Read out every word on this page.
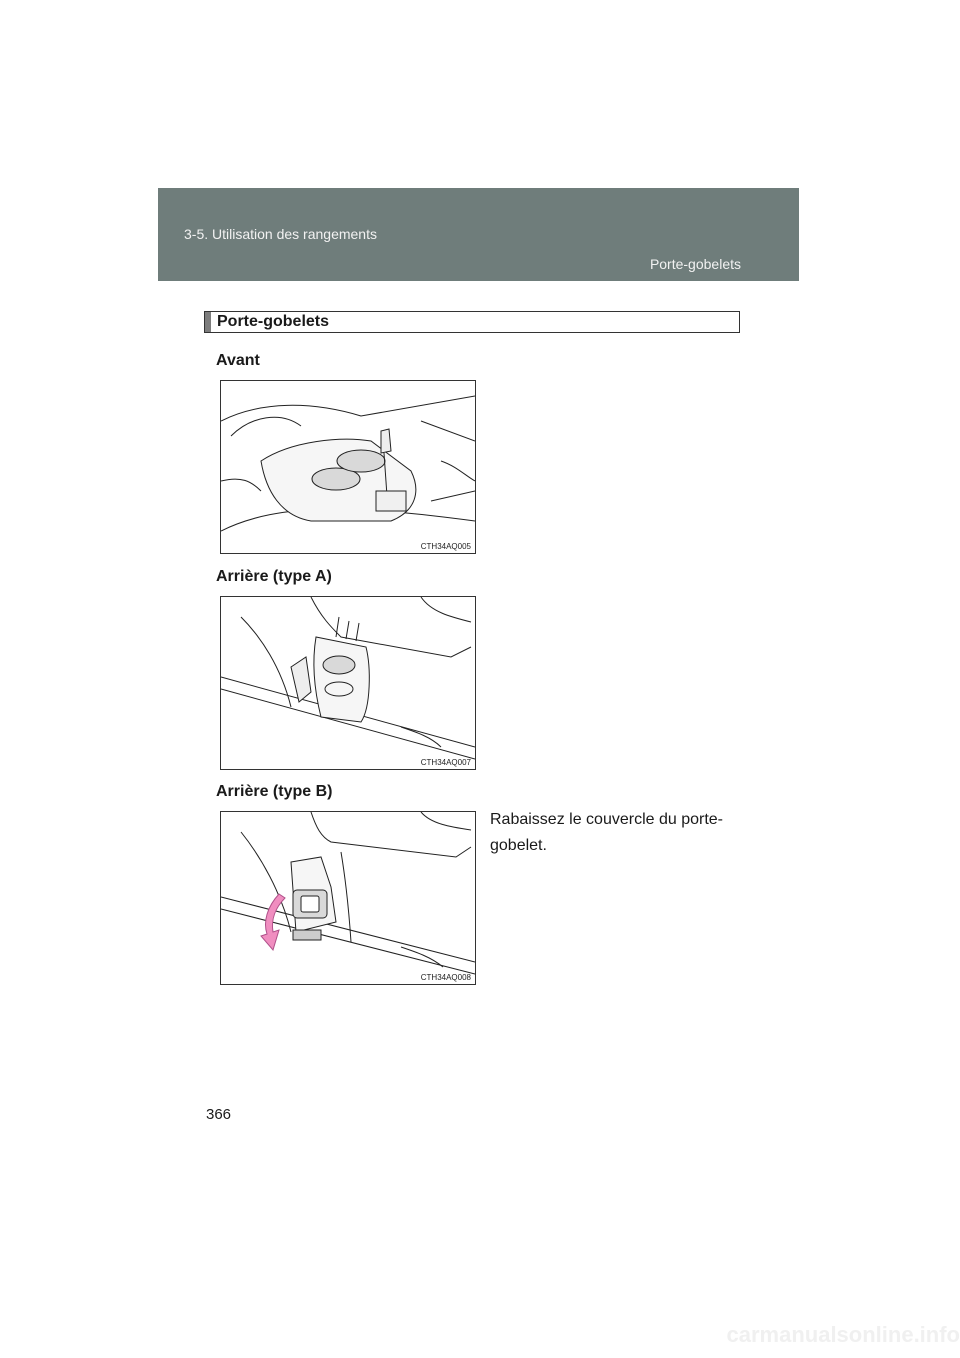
3-5. Utilisation des rangements
Porte-gobelets
Porte-gobelets
Avant
CTH34AQ005
Arrière (type A)
CTH34AQ007
Arrière (type B)
CTH34AQ008
Rabaissez le couvercle du porte-gobelet.
366
carmanualsonline.info
